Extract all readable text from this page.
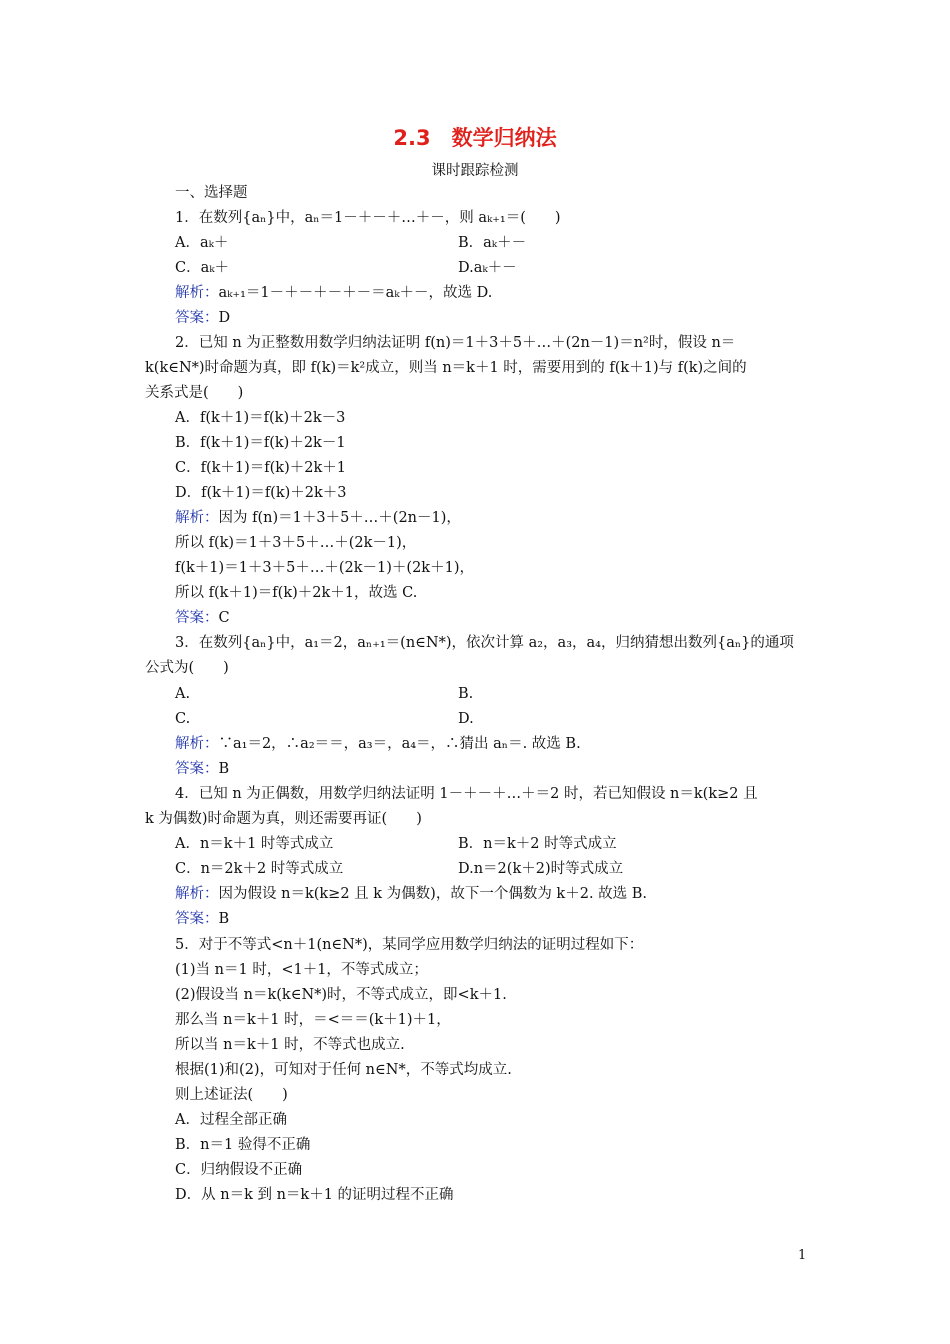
2.3　数学归纳法
课时跟踪检测
一、选择题
1．在数列{aₙ}中，aₙ＝1－＋－＋…＋－，则 aₖ₊₁＝(　　)
A．aₖ＋	B．aₖ＋－
C．aₖ＋	D.aₖ＋－
解析：aₖ₊₁＝1－＋－＋－＋－＝aₖ＋－，故选 D.
答案：D
2．已知 n 为正整数用数学归纳法证明 f(n)＝1＋3＋5＋…＋(2n－1)＝n²时，假设 n＝
k(k∈N*)时命题为真，即 f(k)＝k²成立，则当 n＝k＋1 时，需要用到的 f(k＋1)与 f(k)之间的
关系式是(　　)
A．f(k＋1)＝f(k)＋2k－3
B．f(k＋1)＝f(k)＋2k－1
C．f(k＋1)＝f(k)＋2k＋1
D．f(k＋1)＝f(k)＋2k＋3
解析：因为 f(n)＝1＋3＋5＋…＋(2n－1)，
所以 f(k)＝1＋3＋5＋…＋(2k－1)，
f(k＋1)＝1＋3＋5＋…＋(2k－1)＋(2k＋1)，
所以 f(k＋1)＝f(k)＋2k＋1，故选 C.
答案：C
3．在数列{aₙ}中，a₁＝2，aₙ₊₁＝(n∈N*)，依次计算 a₂，a₃，a₄，归纳猜想出数列{aₙ}的通项
公式为(　　)
A.	B.
C.	D.
解析：∵a₁＝2，∴a₂＝＝，a₃＝，a₄＝，∴猜出 aₙ＝. 故选 B.
答案：B
4．已知 n 为正偶数，用数学归纳法证明 1－＋－＋…＋＝2 时，若已知假设 n＝k(k≥2 且
k 为偶数)时命题为真，则还需要再证(　　)
A．n＝k＋1 时等式成立	B．n＝k＋2 时等式成立
C．n＝2k＋2 时等式成立	D.n＝2(k＋2)时等式成立
解析：因为假设 n＝k(k≥2 且 k 为偶数)，故下一个偶数为 k＋2. 故选 B.
答案：B
5．对于不等式<n＋1(n∈N*)，某同学应用数学归纳法的证明过程如下：
(1)当 n＝1 时，<1＋1，不等式成立；
(2)假设当 n＝k(k∈N*)时，不等式成立，即<k＋1.
那么当 n＝k＋1 时，＝<＝＝(k＋1)＋1，
所以当 n＝k＋1 时，不等式也成立.
根据(1)和(2)，可知对于任何 n∈N*，不等式均成立.
则上述证法(　　)
A．过程全部正确
B．n＝1 验得不正确
C．归纳假设不正确
D．从 n＝k 到 n＝k＋1 的证明过程不正确
1
